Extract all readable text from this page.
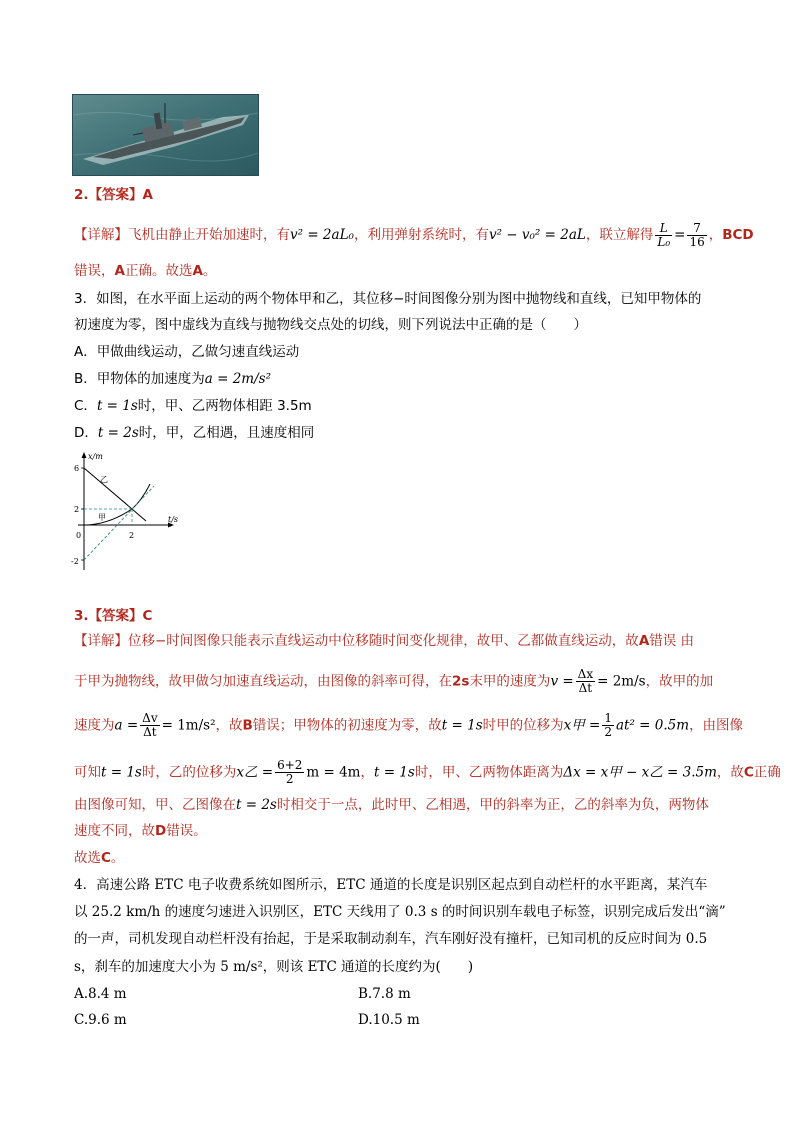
2.【答案】A
【详解】飞机由静止开始加速时，有v² = 2aL₀，利用弹射系统时，有v² − v₀² = 2aL，联立解得 $\frac{L}{\text{L₀}} = \frac{7}{16}$ ，BCD
错误，A正确。故选A。
3．如图，在水平面上运动的两个物体甲和乙，其位移−时间图像分别为图中抛物线和直线，已知甲物体的
初速度为零，图中虚线为直线与抛物线交点处的切线，则下列说法中正确的是（　　）
A．甲做曲线运动，乙做匀速直线运动
B．甲物体的加速度为a = 2m/s²
C．t = 1s时，甲、乙两物体相距 3.5m
D．t = 2s时，甲，乙相遇，且速度相同
x/m
t/s
6
2
0
-2
2
乙
甲
3.【答案】C
【详解】位移−时间图像只能表示直线运动中位移随时间变化规律，故甲、乙都做直线运动，故A错误 由
于甲为抛物线，故甲做匀加速直线运动，由图像的斜率可得，在2s末甲的速度为$v = \frac{\Delta x}{\Delta t} = 2m/s$，故甲的加
速度为$a = \frac{\Delta v}{\Delta t} = 1m/s^2$，故B错误；甲物体的初速度为零，故t = 1s时甲的位移为x甲 = $\frac{1}{2} at^2 = 0.5m$，由图像
可知t = 1s时，乙的位移为x乙 = $\frac{6+2}{2}$ m = 4m，t = 1s时，甲、乙两物体距离为Δx = x甲 − x乙 = 3.5m，故C正确
由图像可知，甲、乙图像在t = 2s时相交于一点，此时甲、乙相遇，甲的斜率为正，乙的斜率为负，两物体
速度不同，故D错误。
故选C。
4．高速公路 ETC 电子收费系统如图所示，ETC 通道的长度是识别区起点到自动栏杆的水平距离，某汽车
以 25.2 km/h 的速度匀速进入识别区，ETC 天线用了 0.3 s 的时间识别车载电子标签，识别完成后发出“滴”
的一声，司机发现自动栏杆没有抬起，于是采取制动刹车，汽车刚好没有撞杆，已知司机的反应时间为 0.5
s，刹车的加速度大小为 5 m/s²，则该 ETC 通道的长度约为(　　)
A.8.4 m	B.7.8 m
C.9.6 m	D.10.5 m
